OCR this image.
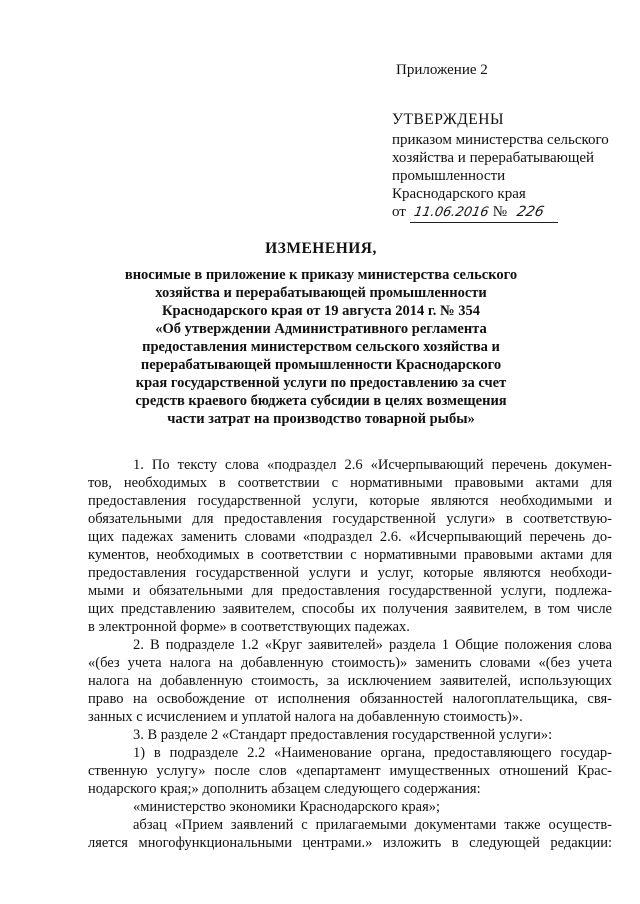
Приложение 2
УТВЕРЖДЕНЫ
приказом министерства сельского
хозяйства и перерабатывающей
промышленности
Краснодарского края
от 11.06.2016 № 226
ИЗМЕНЕНИЯ,
вносимые в приложение к приказу министерства сельского
хозяйства и перерабатывающей промышленности
Краснодарского края от 19 августа 2014 г. № 354
«Об утверждении Административного регламента
предоставления министерством сельского хозяйства и
перерабатывающей промышленности Краснодарского
края государственной услуги по предоставлению за счет
средств краевого бюджета субсидии в целях возмещения
части затрат на производство товарной рыбы»
1. По тексту слова «подраздел 2.6 «Исчерпывающий перечень докумен-
тов, необходимых в соответствии с нормативными правовыми актами для
предоставления государственной услуги, которые являются необходимыми и
обязательными для предоставления государственной услуги» в соответствую-
щих падежах заменить словами «подраздел 2.6. «Исчерпывающий перечень до-
кументов, необходимых в соответствии с нормативными правовыми актами для
предоставления государственной услуги и услуг, которые являются необходи-
мыми и обязательными для предоставления государственной услуги, подлежа-
щих представлению заявителем, способы их получения заявителем, в том числе
в электронной форме» в соответствующих падежах.
2. В подразделе 1.2 «Круг заявителей» раздела 1 Общие положения слова
«(без учета налога на добавленную стоимость)» заменить словами «(без учета
налога на добавленную стоимость, за исключением заявителей, использующих
право на освобождение от исполнения обязанностей налогоплательщика, свя-
занных с исчислением и уплатой налога на добавленную стоимость)».
3. В разделе 2 «Стандарт предоставления государственной услуги»:
1) в подразделе 2.2 «Наименование органа, предоставляющего государ-
ственную услугу» после слов «департамент имущественных отношений Крас-
нодарского края;» дополнить абзацем следующего содержания:
«министерство экономики Краснодарского края»;
абзац «Прием заявлений с прилагаемыми документами также осуществ-
ляется многофункциональными центрами.» изложить в следующей редакции:
